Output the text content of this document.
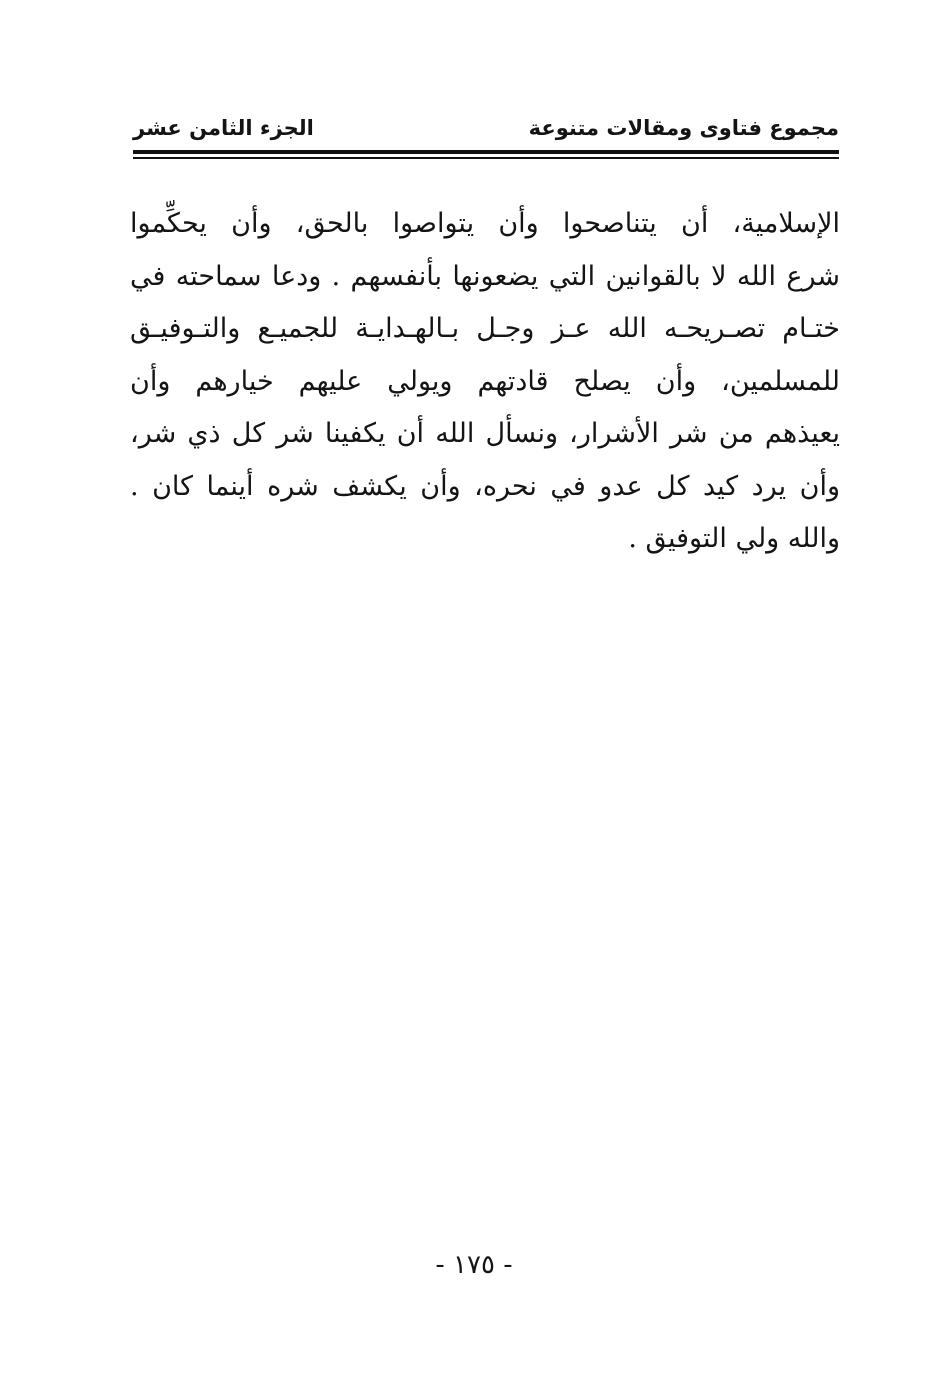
مجموع فتاوى ومقالات متنوعة
الجزء الثامن عشر
الإسلامية، أن يتناصحوا وأن يتواصوا بالحق، وأن يحكِّموا
شرع الله لا بالقوانين التي يضعونها بأنفسهم . ودعا سماحته في
ختـام تصـريحـه الله عـز وجـل بـالهـدايـة للجميـع والتـوفيـق
للمسلمين، وأن يصلح قادتهم ويولي عليهم خيارهم وأن
يعيذهم من شر الأشرار، ونسأل الله أن يكفينا شر كل ذي شر،
وأن يرد كيد كل عدو في نحره، وأن يكشف شره أينما كان .
والله ولي التوفيق .
- ١٧٥ -
